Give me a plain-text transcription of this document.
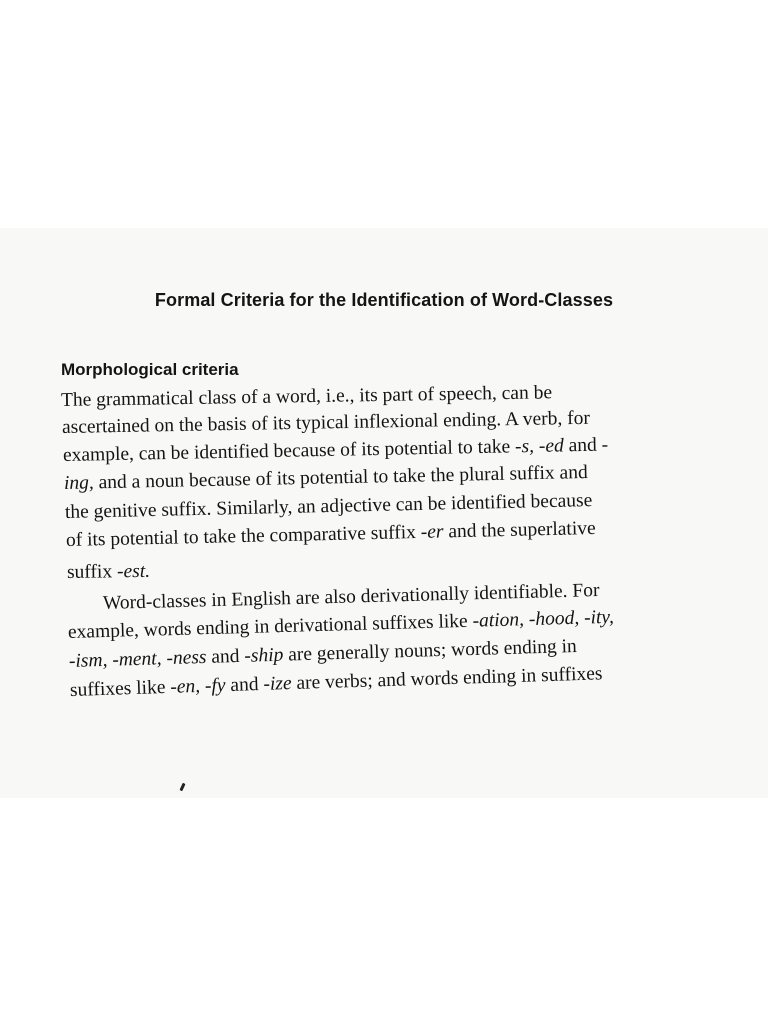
Formal Criteria for the Identification of Word-Classes
Morphological criteria
The grammatical class of a word, i.e., its part of speech, can be
ascertained on the basis of its typical inflexional ending. A verb, for
example, can be identified because of its potential to take -s, -ed and -
ing, and a noun because of its potential to take the plural suffix and
the genitive suffix. Similarly, an adjective can be identified because
of its potential to take the comparative suffix -er and the superlative
suffix -est.
Word-classes in English are also derivationally identifiable. For
example, words ending in derivational suffixes like -ation, -hood, -ity,
-ism, -ment, -ness and -ship are generally nouns; words ending in
suffixes like -en, -fy and -ize are verbs; and words ending in suffixes
